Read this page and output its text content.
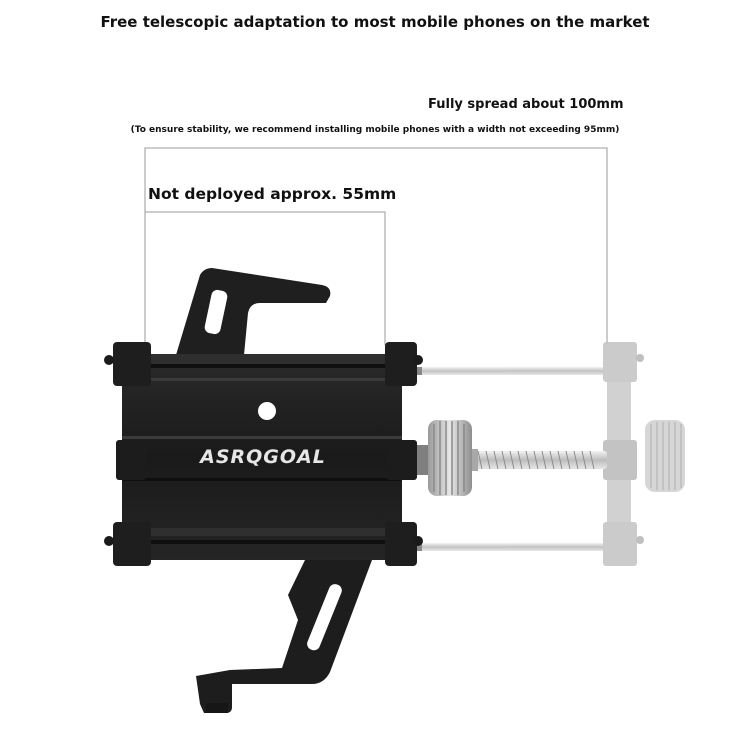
Free telescopic adaptation to most mobile phones on the market
Fully spread about 100mm
(To ensure stability, we recommend installing mobile phones with a width not exceeding 95mm)
Not deployed approx. 55mm
ASRQGOAL
